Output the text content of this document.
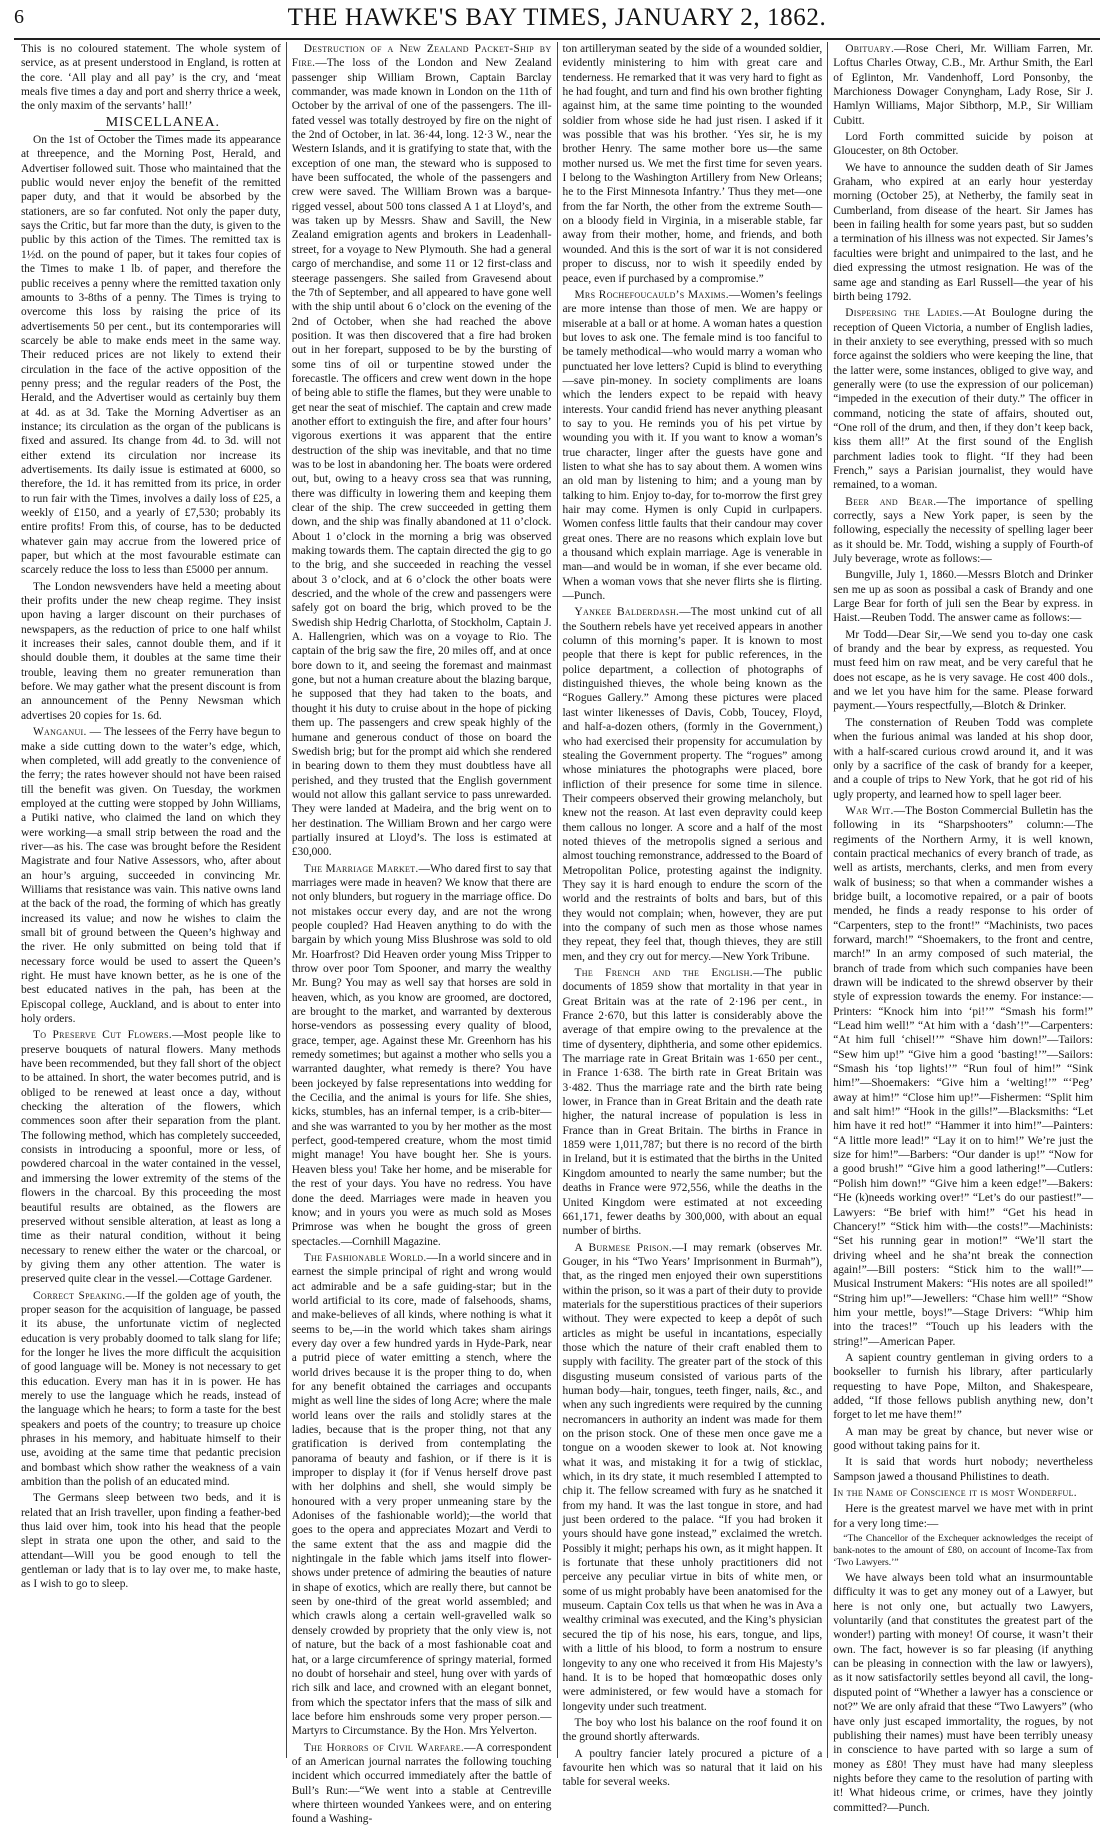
6	THE HAWKE'S BAY TIMES, JANUARY 2, 1862.

This is no coloured statement. The whole system of service, as at present understood in England, is rotten at the core. ‘All play and all pay’ is the cry, and ‘meat meals five times a day and port and sherry thrice a week, the only maxim of the servants’ hall!’

MISCELLANEA.

On the 1st of October the Times made its appearance at threepence, and the Morning Post, Herald, and Advertiser followed suit. Those who maintained that the public would never enjoy the benefit of the remitted paper duty, and that it would be absorbed by the stationers, are so far confuted. Not only the paper duty, says the Critic, but far more than the duty, is given to the public by this action of the Times. The remitted tax is 1½d. on the pound of paper, but it takes four copies of the Times to make 1 lb. of paper, and therefore the public receives a penny where the remitted taxation only amounts to 3-8ths of a penny. The Times is trying to overcome this loss by raising the price of its advertisements 50 per cent., but its contemporaries will scarcely be able to make ends meet in the same way. Their reduced prices are not likely to extend their circulation in the face of the active opposition of the penny press; and the regular readers of the Post, the Herald, and the Advertiser would as certainly buy them at 4d. as at 3d. Take the Morning Advertiser as an instance; its circulation as the organ of the publicans is fixed and assured. Its change from 4d. to 3d. will not either extend its circulation nor increase its advertisements. Its daily issue is estimated at 6000, so therefore, the 1d. it has remitted from its price, in order to run fair with the Times, involves a daily loss of £25, a weekly of £150, and a yearly of £7,530; probably its entire profits! From this, of course, has to be deducted whatever gain may accrue from the lowered price of paper, but which at the most favourable estimate can scarcely reduce the loss to less than £5000 per annum.

The London newsvenders have held a meeting about their profits under the new cheap regime. They insist upon having a larger discount on their purchases of newspapers, as the reduction of price to one half whilst it increases their sales, cannot double them, and if it should double them, it doubles at the same time their trouble, leaving them no greater remuneration than before. We may gather what the present discount is from an announcement of the Penny Newsman which advertises 20 copies for 1s. 6d.

Wanganui. — The lessees of the Ferry have begun to make a side cutting down to the water’s edge, which, when completed, will add greatly to the convenience of the ferry; the rates however should not have been raised till the benefit was given. On Tuesday, the workmen employed at the cutting were stopped by John Williams, a Putiki native, who claimed the land on which they were working—a small strip between the road and the river—as his. The case was brought before the Resident Magistrate and four Native Assessors, who, after about an hour’s arguing, succeeded in convincing Mr. Williams that resistance was vain. This native owns land at the back of the road, the forming of which has greatly increased its value; and now he wishes to claim the small bit of ground between the Queen’s highway and the river. He only submitted on being told that if necessary force would be used to assert the Queen’s right. He must have known better, as he is one of the best educated natives in the pah, has been at the Episcopal college, Auckland, and is about to enter into holy orders.

To Preserve Cut Flowers.—Most people like to preserve bouquets of natural flowers. Many methods have been recommended, but they fall short of the object to be attained. In short, the water becomes putrid, and is obliged to be renewed at least once a day, without checking the alteration of the flowers, which commences soon after their separation from the plant. The following method, which has completely succeeded, consists in introducing a spoonful, more or less, of powdered charcoal in the water contained in the vessel, and immersing the lower extremity of the stems of the flowers in the charcoal. By this proceeding the most beautiful results are obtained, as the flowers are preserved without sensible alteration, at least as long a time as their natural condition, without it being necessary to renew either the water or the charcoal, or by giving them any other attention. The water is preserved quite clear in the vessel.—Cottage Gardener.

Correct Speaking.—If the golden age of youth, the proper season for the acquisition of language, be passed it its abuse, the unfortunate victim of neglected education is very probably doomed to talk slang for life; for the longer he lives the more difficult the acquisition of good language will be. Money is not necessary to get this education. Every man has it in is power. He has merely to use the language which he reads, instead of the language which he hears; to form a taste for the best speakers and poets of the country; to treasure up choice phrases in his memory, and habituate himself to their use, avoiding at the same time that pedantic precision and bombast which show rather the weakness of a vain ambition than the polish of an educated mind.

The Germans sleep between two beds, and it is related that an Irish traveller, upon finding a feather-bed thus laid over him, took into his head that the people slept in strata one upon the other, and said to the attendant—Will you be good enough to tell the gentleman or lady that is to lay over me, to make haste, as I wish to go to sleep.

Destruction of a New Zealand Packet-Ship by Fire.—The loss of the London and New Zealand passenger ship William Brown, Captain Barclay commander, was made known in London on the 11th of October by the arrival of one of the passengers. The ill-fated vessel was totally destroyed by fire on the night of the 2nd of October, in lat. 36·44, long. 12·3 W., near the Western Islands, and it is gratifying to state that, with the exception of one man, the steward who is supposed to have been suffocated, the whole of the passengers and crew were saved. The William Brown was a barque-rigged vessel, about 500 tons classed A 1 at Lloyd’s, and was taken up by Messrs. Shaw and Savill, the New Zealand emigration agents and brokers in Leadenhall-street, for a voyage to New Plymouth. She had a general cargo of merchandise, and some 11 or 12 first-class and steerage passengers. She sailed from Gravesend about the 7th of September, and all appeared to have gone well with the ship until about 6 o’clock on the evening of the 2nd of October, when she had reached the above position. It was then discovered that a fire had broken out in her forepart, supposed to be by the bursting of some tins of oil or turpentine stowed under the forecastle. The officers and crew went down in the hope of being able to stifle the flames, but they were unable to get near the seat of mischief. The captain and crew made another effort to extinguish the fire, and after four hours’ vigorous exertions it was apparent that the entire destruction of the ship was inevitable, and that no time was to be lost in abandoning her. The boats were ordered out, but, owing to a heavy cross sea that was running, there was difficulty in lowering them and keeping them clear of the ship. The crew succeeded in getting them down, and the ship was finally abandoned at 11 o’clock. About 1 o’clock in the morning a brig was observed making towards them. The captain directed the gig to go to the brig, and she succeeded in reaching the vessel about 3 o’clock, and at 6 o’clock the other boats were descried, and the whole of the crew and passengers were safely got on board the brig, which proved to be the Swedish ship Hedrig Charlotta, of Stockholm, Captain J. A. Hallengrien, which was on a voyage to Rio. The captain of the brig saw the fire, 20 miles off, and at once bore down to it, and seeing the foremast and mainmast gone, but not a human creature about the blazing barque, he supposed that they had taken to the boats, and thought it his duty to cruise about in the hope of picking them up. The passengers and crew speak highly of the humane and generous conduct of those on board the Swedish brig; but for the prompt aid which she rendered in bearing down to them they must doubtless have all perished, and they trusted that the English government would not allow this gallant service to pass unrewarded. They were landed at Madeira, and the brig went on to her destination. The William Brown and her cargo were partially insured at Lloyd’s. The loss is estimated at £30,000.

The Marriage Market.—Who dared first to say that marriages were made in heaven? We know that there are not only blunders, but roguery in the marriage office. Do not mistakes occur every day, and are not the wrong people coupled? Had Heaven anything to do with the bargain by which young Miss Blushrose was sold to old Mr. Hoarfrost? Did Heaven order young Miss Tripper to throw over poor Tom Spooner, and marry the wealthy Mr. Bung? You may as well say that horses are sold in heaven, which, as you know are groomed, are doctored, are brought to the market, and warranted by dexterous horse-vendors as possessing every quality of blood, grace, temper, age. Against these Mr. Greenhorn has his remedy sometimes; but against a mother who sells you a warranted daughter, what remedy is there? You have been jockeyed by false representations into wedding for the Cecilia, and the animal is yours for life. She shies, kicks, stumbles, has an infernal temper, is a crib-biter—and she was warranted to you by her mother as the most perfect, good-tempered creature, whom the most timid might manage! You have bought her. She is yours. Heaven bless you! Take her home, and be miserable for the rest of your days. You have no redress. You have done the deed. Marriages were made in heaven you know; and in yours you were as much sold as Moses Primrose was when he bought the gross of green spectacles.—Cornhill Magazine.

The Fashionable World.—In a world sincere and in earnest the simple principal of right and wrong would act admirable and be a safe guiding-star; but in the world artificial to its core, made of falsehoods, shams, and make-believes of all kinds, where nothing is what it seems to be,—in the world which takes sham airings every day over a few hundred yards in Hyde-Park, near a putrid piece of water emitting a stench, where the world drives because it is the proper thing to do, when for any benefit obtained the carriages and occupants might as well line the sides of long Acre; where the male world leans over the rails and stolidly stares at the ladies, because that is the proper thing, not that any gratification is derived from contemplating the panorama of beauty and fashion, or if there is it is improper to display it (for if Venus herself drove past with her dolphins and shell, she would simply be honoured with a very proper unmeaning stare by the Adonises of the fashionable world);—the world that goes to the opera and appreciates Mozart and Verdi to the same extent that the ass and magpie did the nightingale in the fable which jams itself into flower-shows under pretence of admiring the beauties of nature in shape of exotics, which are really there, but cannot be seen by one-third of the great world assembled; and which crawls along a certain well-gravelled walk so densely crowded by propriety that the only view is, not of nature, but the back of a most fashionable coat and hat, or a large circumference of springy material, formed no doubt of horsehair and steel, hung over with yards of rich silk and lace, and crowned with an elegant bonnet, from which the spectator infers that the mass of silk and lace before him enshrouds some very proper person.—Martyrs to Circumstance. By the Hon. Mrs Yelverton.

The Horrors of Civil Warfare.—A correspondent of an American journal narrates the following touching incident which occurred immediately after the battle of Bull’s Run:—“We went into a stable at Centreville where thirteen wounded Yankees were, and on entering found a Washing-

ton artilleryman seated by the side of a wounded soldier, evidently ministering to him with great care and tenderness. He remarked that it was very hard to fight as he had fought, and turn and find his own brother fighting against him, at the same time pointing to the wounded soldier from whose side he had just risen. I asked if it was possible that was his brother. ‘Yes sir, he is my brother Henry. The same mother bore us—the same mother nursed us. We met the first time for seven years. I belong to the Washington Artillery from New Orleans; he to the First Minnesota Infantry.’ Thus they met—one from the far North, the other from the extreme South—on a bloody field in Virginia, in a miserable stable, far away from their mother, home, and friends, and both wounded. And this is the sort of war it is not considered proper to discuss, nor to wish it speedily ended by peace, even if purchased by a compromise.”

Mrs Rochefoucauld’s Maxims.—Women’s feelings are more intense than those of men. We are happy or miserable at a ball or at home. A woman hates a question but loves to ask one. The female mind is too fanciful to be tamely methodical—who would marry a woman who punctuated her love letters? Cupid is blind to everything—save pin-money. In society compliments are loans which the lenders expect to be repaid with heavy interests. Your candid friend has never anything pleasant to say to you. He reminds you of his pet virtue by wounding you with it. If you want to know a woman’s true character, linger after the guests have gone and listen to what she has to say about them. A women wins an old man by listening to him; and a young man by talking to him. Enjoy to-day, for to-morrow the first grey hair may come. Hymen is only Cupid in curlpapers. Women confess little faults that their candour may cover great ones. There are no reasons which explain love but a thousand which explain marriage. Age is venerable in man—and would be in woman, if she ever became old. When a woman vows that she never flirts she is flirting.—Punch.

Yankee Balderdash.—The most unkind cut of all the Southern rebels have yet received appears in another column of this morning’s paper. It is known to most people that there is kept for public references, in the police department, a collection of photographs of distinguished thieves, the whole being known as the “Rogues Gallery.” Among these pictures were placed last winter likenesses of Davis, Cobb, Toucey, Floyd, and half-a-dozen others, (formly in the Government,) who had exercised their propensity for accumulation by stealing the Government property. The “rogues” among whose miniatures the photographs were placed, bore infliction of their presence for some time in silence. Their compeers observed their growing melancholy, but knew not the reason. At last even depravity could keep them callous no longer. A score and a half of the most noted thieves of the metropolis signed a serious and almost touching remonstrance, addressed to the Board of Metropolitan Police, protesting against the indignity. They say it is hard enough to endure the scorn of the world and the restraints of bolts and bars, but of this they would not complain; when, however, they are put into the company of such men as those whose names they repeat, they feel that, though thieves, they are still men, and they cry out for mercy.—New York Tribune.

The French and the English.—The public documents of 1859 show that mortality in that year in Great Britain was at the rate of 2·196 per cent., in France 2·670, but this latter is considerably above the average of that empire owing to the prevalence at the time of dysentery, diphtheria, and some other epidemics. The marriage rate in Great Britain was 1·650 per cent., in France 1·638. The birth rate in Great Britain was 3·482. Thus the marriage rate and the birth rate being lower, in France than in Great Britain and the death rate higher, the natural increase of population is less in France than in Great Britain. The births in France in 1859 were 1,011,787; but there is no record of the birth in Ireland, but it is estimated that the births in the United Kingdom amounted to nearly the same number; but the deaths in France were 972,556, while the deaths in the United Kingdom were estimated at not exceeding 661,171, fewer deaths by 300,000, with about an equal number of births.

A Burmese Prison.—I may remark (observes Mr. Gouger, in his “Two Years’ Imprisonment in Burmah”), that, as the ringed men enjoyed their own superstitions within the prison, so it was a part of their duty to provide materials for the superstitious practices of their superiors without. They were expected to keep a depôt of such articles as might be useful in incantations, especially those which the nature of their craft enabled them to supply with facility. The greater part of the stock of this disgusting museum consisted of various parts of the human body—hair, tongues, teeth finger, nails, &c., and when any such ingredients were required by the cunning necromancers in authority an indent was made for them on the prison stock. One of these men once gave me a tongue on a wooden skewer to look at. Not knowing what it was, and mistaking it for a twig of sticklac, which, in its dry state, it much resembled I attempted to chip it. The fellow screamed with fury as he snatched it from my hand. It was the last tongue in store, and had just been ordered to the palace. “If you had broken it yours should have gone instead,” exclaimed the wretch. Possibly it might; perhaps his own, as it might happen. It is fortunate that these unholy practitioners did not perceive any peculiar virtue in bits of white men, or some of us might probably have been anatomised for the museum. Captain Cox tells us that when he was in Ava a wealthy criminal was executed, and the King’s physician secured the tip of his nose, his ears, tongue, and lips, with a little of his blood, to form a nostrum to ensure longevity to any one who received it from His Majesty’s hand. It is to be hoped that homœopathic doses only were administered, or few would have a stomach for longevity under such treatment.

The boy who lost his balance on the roof found it on the ground shortly afterwards.

A poultry fancier lately procured a picture of a favourite hen which was so natural that it laid on his table for several weeks.

Obituary.—Rose Cheri, Mr. William Farren, Mr. Loftus Charles Otway, C.B., Mr. Arthur Smith, the Earl of Eglinton, Mr. Vandenhoff, Lord Ponsonby, the Marchioness Dowager Conyngham, Lady Rose, Sir J. Hamlyn Williams, Major Sibthorp, M.P., Sir William Cubitt.

Lord Forth committed suicide by poison at Gloucester, on 8th October.

We have to announce the sudden death of Sir James Graham, who expired at an early hour yesterday morning (October 25), at Netherby, the family seat in Cumberland, from disease of the heart. Sir James has been in failing health for some years past, but so sudden a termination of his illness was not expected. Sir James’s faculties were bright and unimpaired to the last, and he died expressing the utmost resignation. He was of the same age and standing as Earl Russell—the year of his birth being 1792.

Dispersing the Ladies.—At Boulogne during the reception of Queen Victoria, a number of English ladies, in their anxiety to see everything, pressed with so much force against the soldiers who were keeping the line, that the latter were, some instances, obliged to give way, and generally were (to use the expression of our policeman) “impeded in the execution of their duty.” The officer in command, noticing the state of affairs, shouted out, “One roll of the drum, and then, if they don’t keep back, kiss them all!” At the first sound of the English parchment ladies took to flight. “If they had been French,” says a Parisian journalist, they would have remained, to a woman.

Beer and Bear.—The importance of spelling correctly, says a New York paper, is seen by the following, especially the necessity of spelling lager beer as it should be. Mr. Todd, wishing a supply of Fourth-of July beverage, wrote as follows:—

Bungville, July 1, 1860.—Messrs Blotch and Drinker sen me up as soon as possibal a cask of Brandy and one Large Bear for forth of juli sen the Bear by express. in Haist.—Reuben Todd. The answer came as follows:—

Mr Todd—Dear Sir,—We send you to-day one cask of brandy and the bear by express, as requested. You must feed him on raw meat, and be very careful that he does not escape, as he is very savage. He cost 400 dols., and we let you have him for the same. Please forward payment.—Yours respectfully,—Blotch & Drinker.

The consternation of Reuben Todd was complete when the furious animal was landed at his shop door, with a half-scared curious crowd around it, and it was only by a sacrifice of the cask of brandy for a keeper, and a couple of trips to New York, that he got rid of his ugly property, and learned how to spell lager beer.

War Wit.—The Boston Commercial Bulletin has the following in its “Sharpshooters” column:—The regiments of the Northern Army, it is well known, contain practical mechanics of every branch of trade, as well as artists, merchants, clerks, and men from every walk of business; so that when a commander wishes a bridge built, a locomotive repaired, or a pair of boots mended, he finds a ready response to his order of “Carpenters, step to the front!” “Machinists, two paces forward, march!” “Shoemakers, to the front and centre, march!” In an army composed of such material, the branch of trade from which such companies have been drawn will be indicated to the shrewd observer by their style of expression towards the enemy. For instance:—Printers: “Knock him into ‘pi!’” “Smash his form!” “Lead him well!” “At him with a ‘dash’!”—Carpenters: “At him full ‘chisel!’” “Shave him down!”—Tailors: “Sew him up!” “Give him a good ‘basting!’”—Sailors: “Smash his ‘top lights!’” “Run foul of him!” “Sink him!”—Shoemakers: “Give him a ‘welting!’” “‘Peg’ away at him!” “Close him up!”—Fishermen: “Split him and salt him!” “Hook in the gills!”—Blacksmiths: “Let him have it red hot!” “Hammer it into him!”—Painters: “A little more lead!” “Lay it on to him!” We’re just the size for him!”—Barbers: “Our dander is up!” “Now for a good brush!” “Give him a good lathering!”—Cutlers: “Polish him down!” “Give him a keen edge!”—Bakers: “He (k)needs working over!” “Let’s do our pastiest!”—Lawyers: “Be brief with him!” “Get his head in Chancery!” “Stick him with—the costs!”—Machinists: “Set his running gear in motion!” “We’ll start the driving wheel and he sha’nt break the connection again!”—Bill posters: “Stick him to the wall!”—Musical Instrument Makers: “His notes are all spoiled!” “String him up!”—Jewellers: “Chase him well!” “Show him your mettle, boys!”—Stage Drivers: “Whip him into the traces!” “Touch up his leaders with the string!”—American Paper.

A sapient country gentleman in giving orders to a bookseller to furnish his library, after particularly requesting to have Pope, Milton, and Shakespeare, added, “If those fellows publish anything new, don’t forget to let me have them!”

A man may be great by chance, but never wise or good without taking pains for it.

It is said that words hurt nobody; nevertheless Sampson jawed a thousand Philistines to death.

In the Name of Conscience it is most Wonderful.

Here is the greatest marvel we have met with in print for a very long time:—

“The Chancellor of the Exchequer acknowledges the receipt of bank-notes to the amount of £80, on account of Income-Tax from ‘Two Lawyers.’”

We have always been told what an insurmountable difficulty it was to get any money out of a Lawyer, but here is not only one, but actually two Lawyers, voluntarily (and that constitutes the greatest part of the wonder!) parting with money! Of course, it wasn’t their own. The fact, however is so far pleasing (if anything can be pleasing in connection with the law or lawyers), as it now satisfactorily settles beyond all cavil, the long-disputed point of “Whether a lawyer has a conscience or not?” We are only afraid that these “Two Lawyers” (who have only just escaped immortality, the rogues, by not publishing their names) must have been terribly uneasy in conscience to have parted with so large a sum of money as £80! They must have had many sleepless nights before they came to the resolution of parting with it! What hideous crime, or crimes, have they jointly committed?—Punch.
